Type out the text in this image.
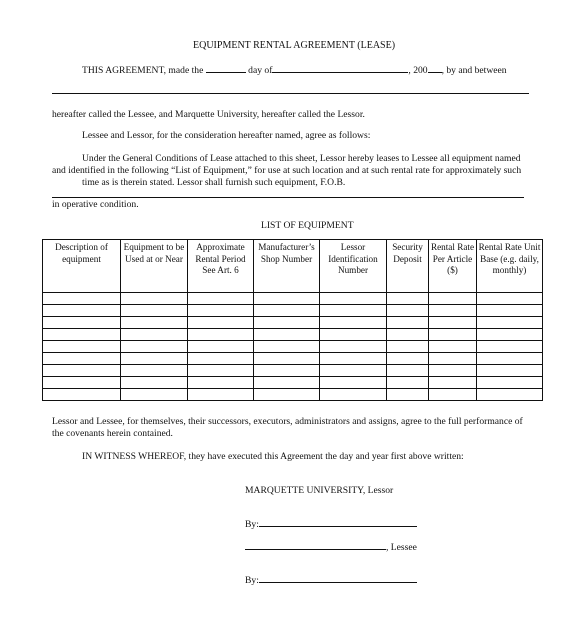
EQUIPMENT RENTAL AGREEMENT (LEASE)
THIS AGREEMENT, made the	day of	, 200 , by and between
hereafter called the Lessee, and Marquette University, hereafter called the Lessor.
Lessee and Lessor, for the consideration hereafter named, agree as follows:
Under the General Conditions of Lease attached to this sheet, Lessor hereby leases to Lessee all equipment named
and identified in the following “List of Equipment,” for use at such location and at such rental rate for approximately such
time as is therein stated. Lessor shall furnish such equipment, F.O.B.
in operative condition.
LIST OF EQUIPMENT
Description of equipment	Equipment to be Used at or Near	Approximate Rental Period See Art. 6	Manufacturer’s Shop Number	Lessor Identification Number	Security Deposit	Rental Rate Per Article ($)	Rental Rate Unit Base (e.g. daily, monthly)

Lessor and Lessee, for themselves, their successors, executors, administrators and assigns, agree to the full performance of
the covenants herein contained.
IN WITNESS WHEREOF, they have executed this Agreement the day and year first above written:
MARQUETTE UNIVERSITY, Lessor
By:
, Lessee
By:
